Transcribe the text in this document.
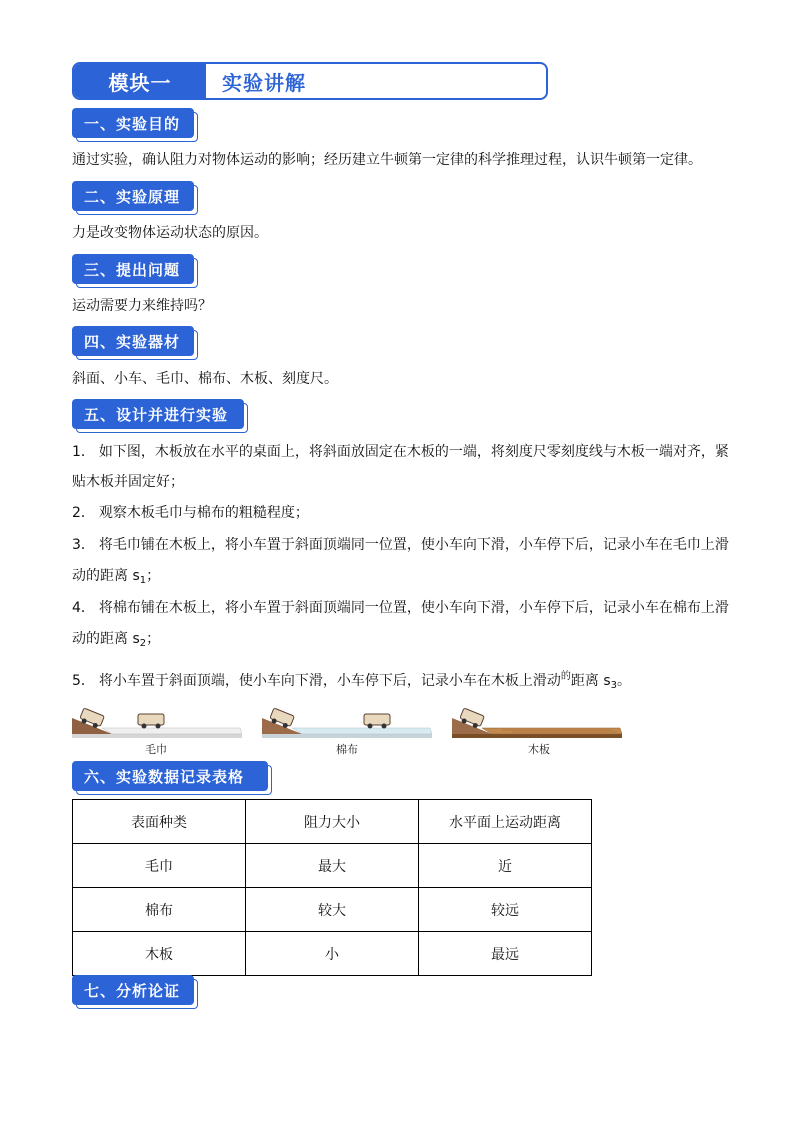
模块一	实验讲解
一、实验目的
通过实验，确认阻力对物体运动的影响；经历建立牛顿第一定律的科学推理过程，认识牛顿第一定律。
二、实验原理
力是改变物体运动状态的原因。
三、提出问题
运动需要力来维持吗？
四、实验器材
斜面、小车、毛巾、棉布、木板、刻度尺。
五、设计并进行实验
1． 如下图，木板放在水平的桌面上，将斜面放固定在木板的一端，将刻度尺零刻度线与木板一端对齐，紧
贴木板并固定好；
2． 观察木板毛巾与棉布的粗糙程度；
3． 将毛巾铺在木板上，将小车置于斜面顶端同一位置，使小车向下滑，小车停下后，记录小车在毛巾上滑
动的距离 $s_1$；
4． 将棉布铺在木板上，将小车置于斜面顶端同一位置，使小车向下滑，小车停下后，记录小车在棉布上滑
动的距离 $s_2$；
5． 将小车置于斜面顶端，使小车向下滑，小车停下后，记录小车在木板上滑动$^的$距离 $s_3$。
毛巾	棉布	木板
六、实验数据记录表格
表面种类	阻力大小	水平面上运动距离
毛巾	最大	近
棉布	较大	较远
木板	小	最远
七、分析论证
